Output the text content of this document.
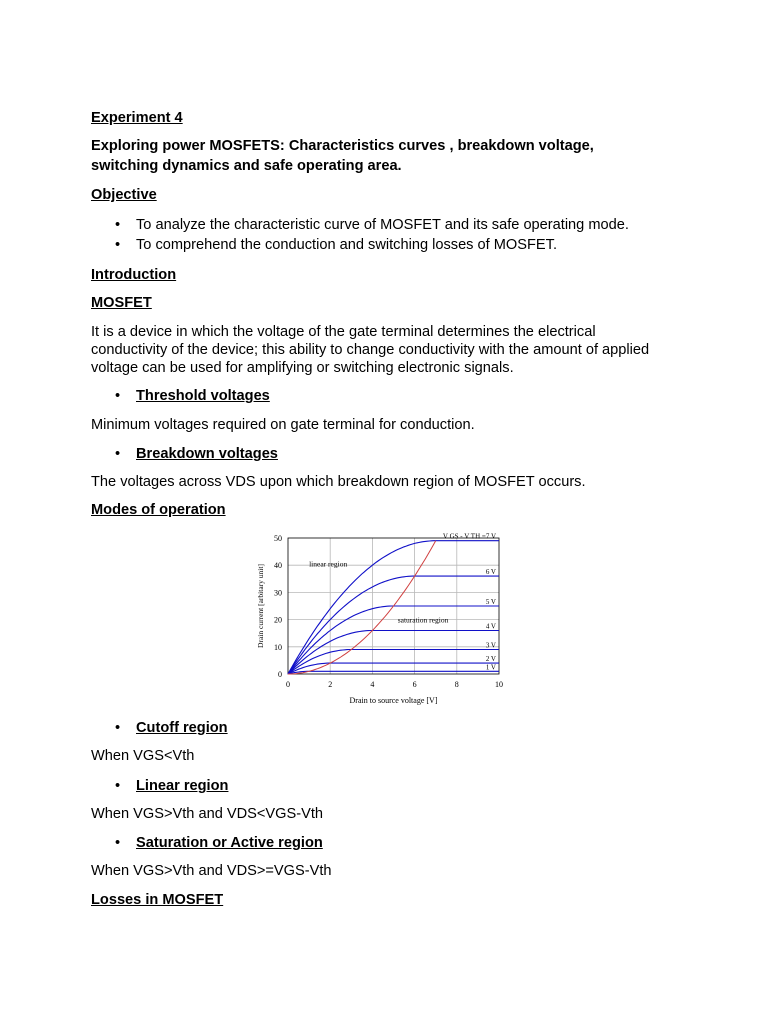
Experiment 4
Exploring power MOSFETS: Characteristics curves , breakdown voltage,
switching dynamics and safe operating area.
Objective
• To analyze the characteristic curve of MOSFET and its safe operating mode.
• To comprehend the conduction and switching losses of MOSFET.
Introduction
MOSFET
It is a device in which the voltage of the gate terminal determines the electrical
conductivity of the device; this ability to change conductivity with the amount of applied
voltage can be used for amplifying or switching electronic signals.
• Threshold voltages
Minimum voltages required on gate terminal for conduction.
• Breakdown voltages
The voltages across VDS upon which breakdown region of MOSFET occurs.
Modes of operation
• Cutoff region
When VGS<Vth
• Linear region
When VGS>Vth and VDS<VGS-Vth
• Saturation or Active region
When VGS>Vth and VDS>=VGS-Vth
Losses in MOSFET
0	2	4	6	8	10
0
10
20
30
40
50
Drain to source voltage [V]
Drain current [arbitary unit]
1 V
2 V
3 V
4 V
5 V
6 V
V GS - V TH =7 V
linear region
saturation region
